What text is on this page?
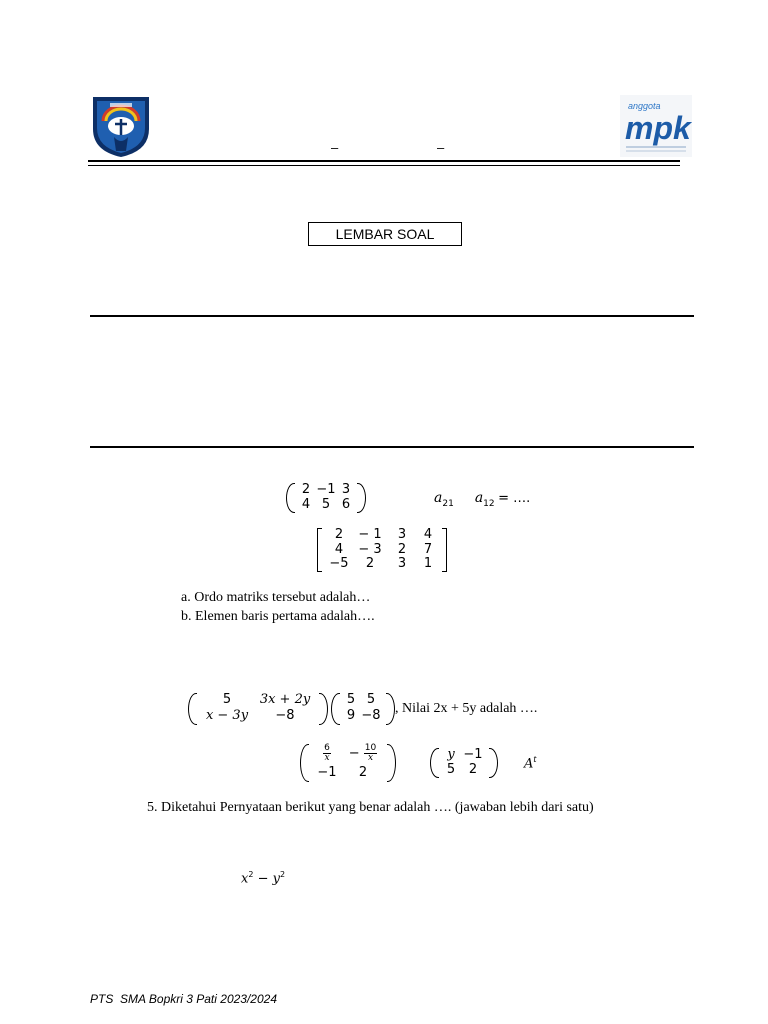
anggota
mpk
–	–
LEMBAR SOAL
2 −1 3
4 5 6	$a_{21}$ $a_{12}$ = ….
2	− 1	3	4
4	− 3	2	7
−5	2	3	1
a. Ordo matriks tersebut adalah…
b. Elemen baris pertama adalah….
5	3x + 2y
x − 3y	−8
5 5
9 −8 , Nilai 2x + 5y adalah ….
$\frac{6}{x}$	− $\frac{10}{x}$
−1	2
y −1
5	2	$A^t$
5. Diketahui Pernyataan berikut yang benar adalah …. (jawaban lebih dari satu)
$x^2 - y^2$
PTS  SMA Bopkri 3 Pati 2023/2024
